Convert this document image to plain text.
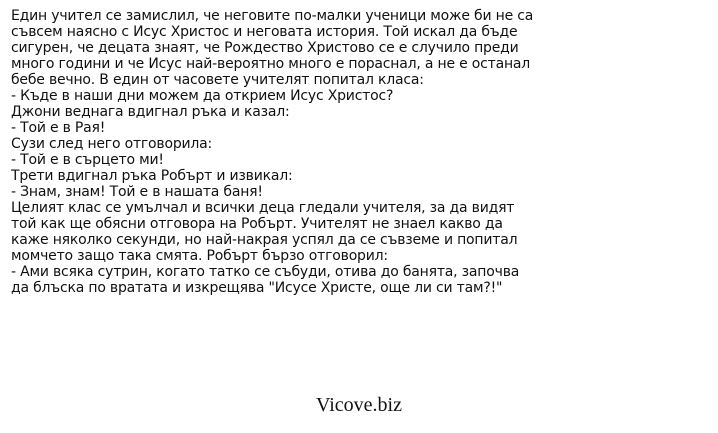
Един учител се замислил, че неговите по-малки ученици може би не са
съвсем наясно с Исус Христос и неговата история. Той искал да бъде
сигурен, че децата знаят, че Рождество Христово се е случило преди
много години и че Исус най-вероятно много е пораснал, а не е останал
бебе вечно. В един от часовете учителят попитал класа:
- Къде в наши дни можем да открием Исус Христос?
Джони веднага вдигнал ръка и казал:
- Той е в Рая!
Сузи след него отговорила:
- Той е в сърцето ми!
Трети вдигнал ръка Робърт и извикал:
- Знам, знам! Той е в нашата баня!
Целият клас се умълчал и всички деца гледали учителя, за да видят
той как ще обясни отговора на Робърт. Учителят не знаел какво да
каже няколко секунди, но най-накрая успял да се съвземе и попитал
момчето защо така смята. Робърт бързо отговорил:
- Ами всяка сутрин, когато татко се събуди, отива до банята, започва
да блъска по вратата и изкрещява "Исусе Христе, още ли си там?!"
Vicove.biz
